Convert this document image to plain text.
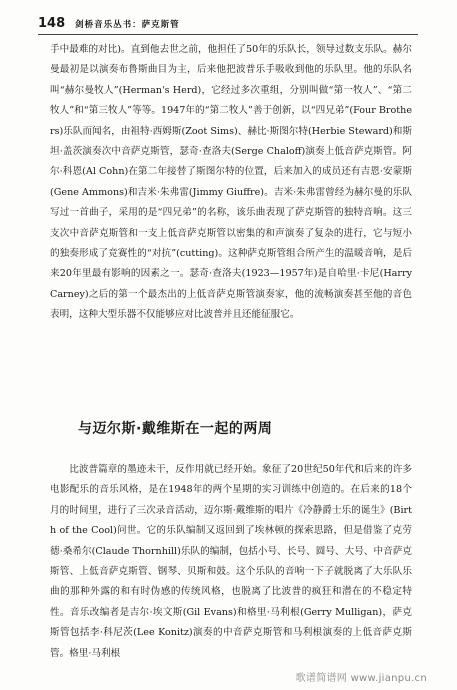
148 剑桥音乐丛书：萨克斯管

手中最难的对比)。直到他去世之前，他担任了50年的乐队长，领导过数支乐队。赫尔曼最初是以演奏布鲁斯曲目为主，后来他把波普乐手吸收到他的乐队里。他的乐队名叫“赫尔曼牧人”(Herman's Herd)，它经过多次重组，分别叫做“第一牧人”、“第二牧人”和“第三牧人”等等。1947年的“第二牧人”善于创新，以“四兄弟”(Four Brothers)乐队而闻名，由祖特·西姆斯(Zoot Sims)、赫比·斯图尔特(Herbie Steward)和斯坦·盖茨演奏次中音萨克斯管，瑟奇·查洛夫(Serge Chaloff)演奏上低音萨克斯管。阿尔·科恩(Al Cohn)在第二年接替了斯图尔特的位置，后来加入的成员还有吉恩·安蒙斯(Gene Ammons)和吉米·朱弗雷(Jimmy Giuffre)。吉米·朱弗雷曾经为赫尔曼的乐队写过一首曲子，采用的是“四兄弟”的名称，该乐曲表现了萨克斯管的独特音响。这三支次中音萨克斯管和一支上低音萨克斯管以密集的和声演奏了复杂的进行，它与短小的独奏形成了竞赛性的“对抗”(cutting)。这种萨克斯管组合所产生的温暖音响，是后来20年里最有影响的因素之一。瑟奇·查洛夫(1923—1957年)是自哈里·卡尼(Harry Carney)之后的第一个最杰出的上低音萨克斯管演奏家，他的流畅演奏甚至他的音色表明，这种大型乐器不仅能够应对比波普并且还能征服它。

与迈尔斯·戴维斯在一起的两周

比波普篇章的墨迹未干，反作用就已经开始。象征了20世纪50年代和后来的许多电影配乐的音乐风格，是在1948年的两个星期的实习训练中创造的。在后来的18个月的时间里，进行了三次录音活动，迈尔斯·戴维斯的唱片《冷静爵士乐的诞生》(Birth of the Cool)问世。它的乐队编制又返回到了埃林顿的探索思路，但是借鉴了克劳德·桑希尔(Claude Thornhill)乐队的编制，包括小号、长号、圆号、大号、中音萨克斯管、上低音萨克斯管、钢琴、贝斯和鼓。这个乐队的音响一下子就脱离了大乐队乐曲的那种外露的和有时伪感的传统风格，也脱离了比波普的疯狂和潜在的不稳定特性。音乐改编者是吉尔·埃文斯(Gil Evans)和格里·马利根(Gerry Mulligan)，萨克斯管包括李·科尼茨(Lee Konitz)演奏的中音萨克斯管和马利根演奏的上低音萨克斯管。格里·马利根

歌谱简谱网 www.jianpu.cn
